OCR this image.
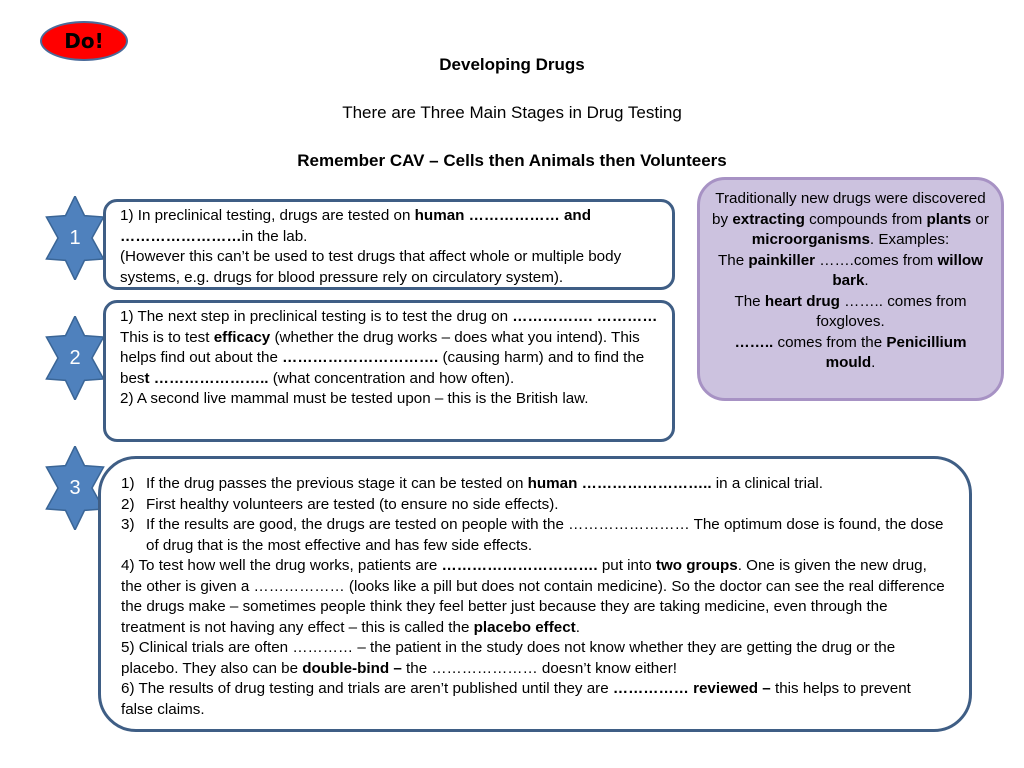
Do!
Developing Drugs
There are Three Main Stages in Drug Testing
Remember CAV – Cells then Animals then Volunteers
1
2
3
1) In preclinical testing, drugs are tested on human ……………… and ……………………in the lab.
(However this can’t be used to test drugs that affect whole or multiple body systems, e.g. drugs for blood pressure rely on circulatory system).
1) The next step in preclinical testing is to test the drug on ……………. ………… This is to test efficacy (whether the drug works – does what you intend). This helps find out about the …………………………. (causing harm) and to find the best ………………….. (what concentration and how often).
2) A second live mammal must be tested upon – this is the British law.
1) If the drug passes the previous stage it can be tested on human …………………….. in a clinical trial.
2) First healthy volunteers are tested (to ensure no side effects).
3) If the results are good, the drugs are tested on people with the …………………… The optimum dose is found, the dose of drug that is the most effective and has few side effects.
4) To test how well the drug works, patients are …………………………. put into two groups. One is given the new drug, the other is given a ……………… (looks like a pill but does not contain medicine). So the doctor can see the real difference the drugs make – sometimes people think they feel better just because they are taking medicine, even through the treatment is not having any effect – this is called the placebo effect.
5) Clinical trials are often ………… – the patient in the study does not know whether they are getting the drug or the placebo. They also can be double-bind – the ………………… doesn’t know either!
6) The results of drug testing and trials are aren’t published until they are …………… reviewed – this helps to prevent false claims.
Traditionally new drugs were discovered by extracting compounds from plants or microorganisms. Examples:
The painkiller …….comes from willow bark.
The heart drug …….. comes from foxgloves.
…….. comes from the Penicillium mould.
